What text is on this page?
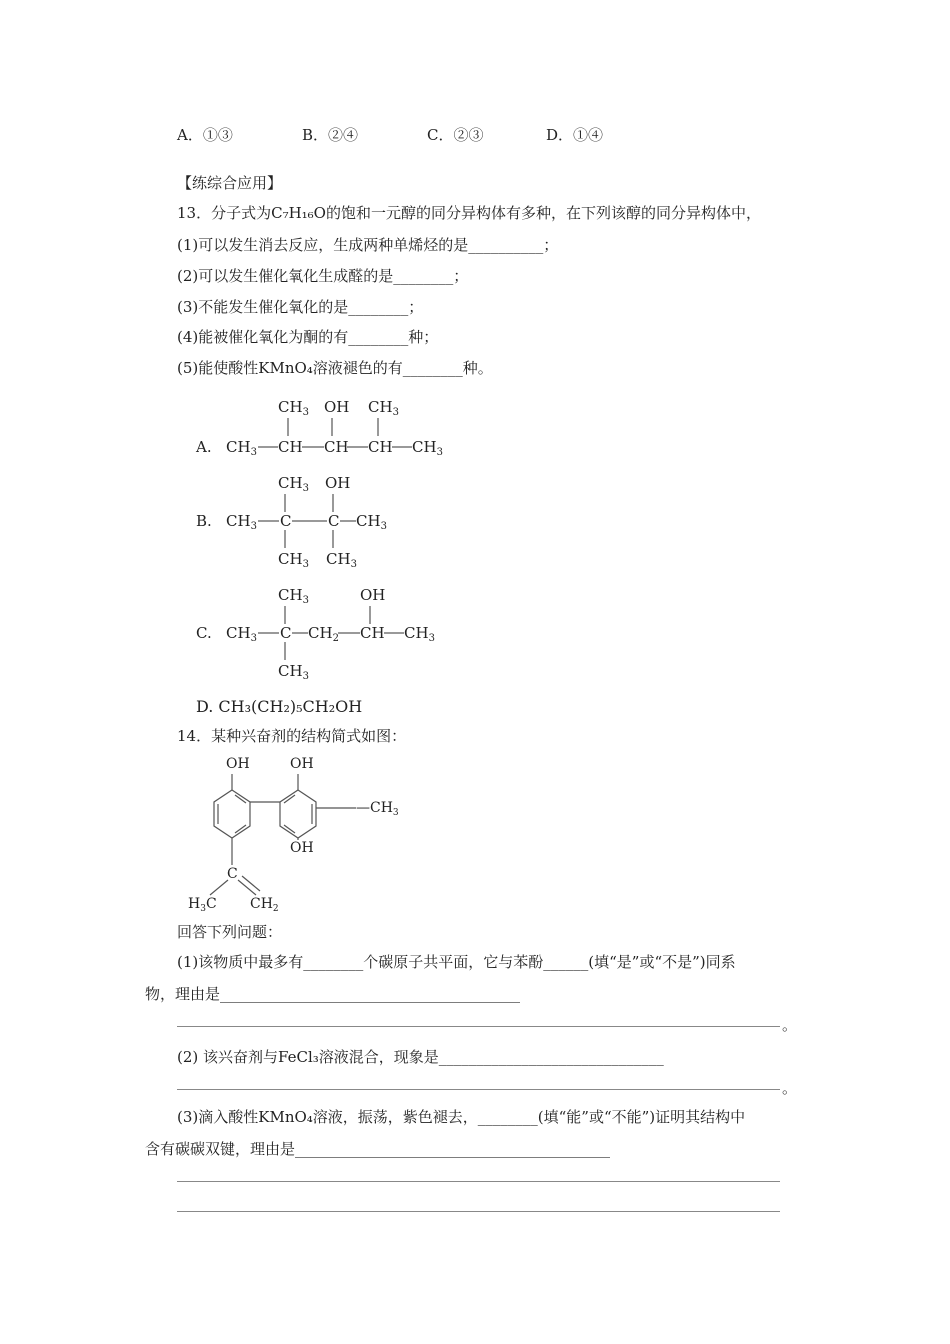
A．①③	B．②④	C．②③	D．①④
【练综合应用】
13．分子式为C₇H₁₆O的饱和一元醇的同分异构体有多种，在下列该醇的同分异构体中，
(1)可以发生消去反应，生成两种单烯烃的是__________；
(2)可以发生催化氧化生成醛的是________；
(3)不能发生催化氧化的是________；
(4)能被催化氧化为酮的有________种；
(5)能使酸性KMnO₄溶液褪色的有________种。
A.
$CH_3$ OH $CH_3$
$CH_3$ CH CH CH $CH_3$
B.
$CH_3$ OH
$CH_3$ C C $CH_3$
$CH_3$ $CH_3$
C.
$CH_3$	OH
$CH_3$ C $CH_2$ CH $CH_3$
$CH_3$
D. CH₃(CH₂)₅CH₂OH
14．某种兴奋剂的结构简式如图：
OH	OH
$—CH_3$
OH
C
$H_3C$ $CH_2$
回答下列问题：
(1)该物质中最多有________个碳原子共平面，它与苯酚______(填“是”或“不是”)同系
物，理由是________________________________________
。
(2) 该兴奋剂与FeCl₃溶液混合，现象是______________________________
。
(3)滴入酸性KMnO₄溶液，振荡，紫色褪去，________(填“能”或“不能”)证明其结构中
含有碳碳双键，理由是__________________________________________
